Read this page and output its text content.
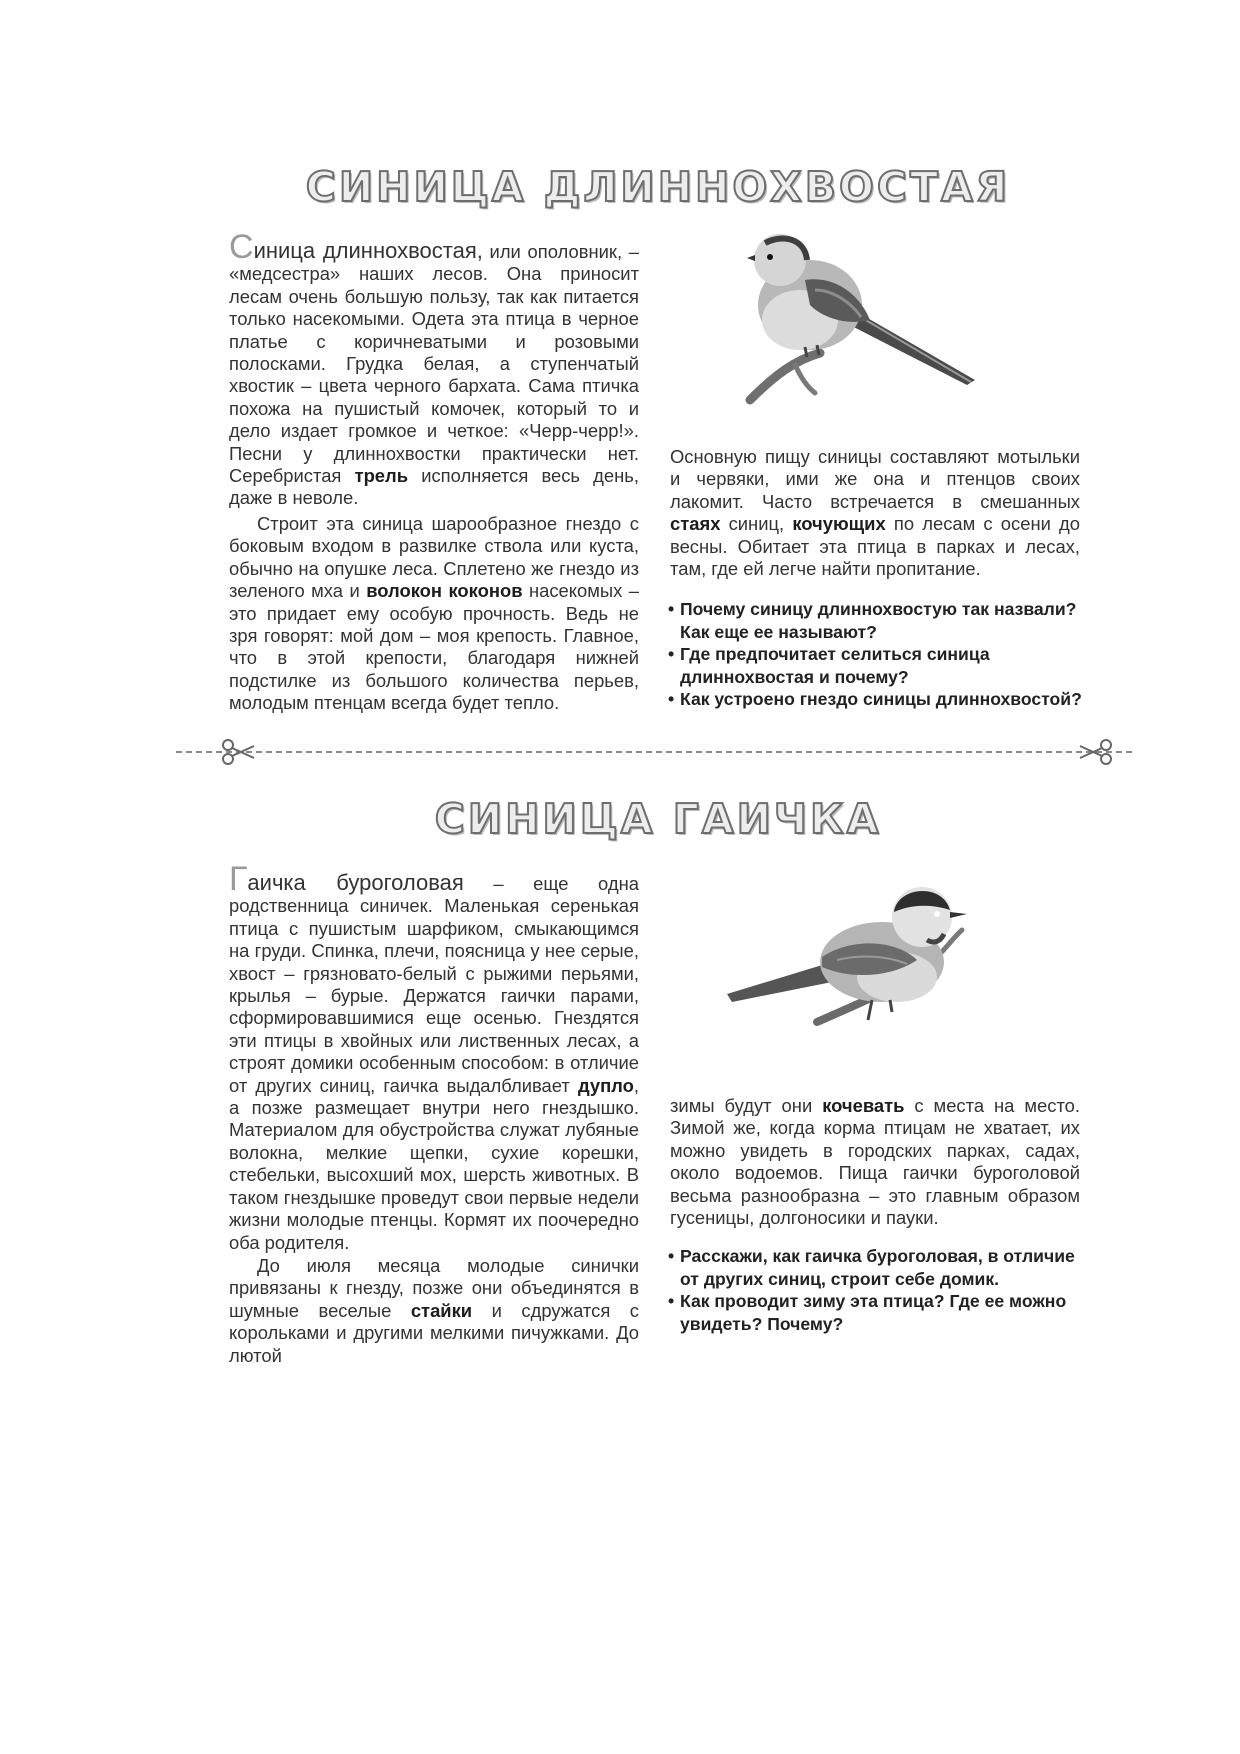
СИНИЦА ДЛИННОХВОСТАЯ

Синица длиннохвостая, или ополовник, – «медсестра» наших лесов. Она приносит лесам очень большую пользу, так как питается только насекомыми. Одета эта птица в черное платье с коричневатыми и розовыми полосками. Грудка белая, а ступенчатый хвостик – цвета черного бархата. Сама птичка похожа на пушистый комочек, который то и дело издает громкое и четкое: «Черр-черр!». Песни у длиннохвостки практически нет. Серебристая трель исполняется весь день, даже в неволе.

Строит эта синица шарообразное гнездо с боковым входом в развилке ствола или куста, обычно на опушке леса. Сплетено же гнездо из зеленого мха и волокон коконов насекомых – это придает ему особую прочность. Ведь не зря говорят: мой дом – моя крепость. Главное, что в этой крепости, благодаря нижней подстилке из большого количества перьев, молодым птенцам всегда будет тепло.

Основную пищу синицы составляют мотыльки и червяки, ими же она и птенцов своих лакомит. Часто встречается в смешанных стаях синиц, кочующих по лесам с осени до весны. Обитает эта птица в парках и лесах, там, где ей легче найти пропитание.

• Почему синицу длиннохвостую так назвали? Как еще ее называют?
• Где предпочитает селиться синица длиннохвостая и почему?
• Как устроено гнездо синицы длиннохвостой?
СИНИЦА ГАИЧКА

Гаичка буроголовая – еще одна родственница синичек. Маленькая серенькая птица с пушистым шарфиком, смыкающимся на груди. Спинка, плечи, поясница у нее серые, хвост – грязновато-белый с рыжими перьями, крылья – бурые. Держатся гаички парами, сформировавшимися еще осенью. Гнездятся эти птицы в хвойных или лиственных лесах, а строят домики особенным способом: в отличие от других синиц, гаичка выдалбливает дупло, а позже размещает внутри него гнездышко. Материалом для обустройства служат лубяные волокна, мелкие щепки, сухие корешки, стебельки, высохший мох, шерсть животных. В таком гнездышке проведут свои первые недели жизни молодые птенцы. Кормят их поочередно оба родителя.

До июля месяца молодые синички привязаны к гнезду, позже они объединятся в шумные веселые стайки и сдружатся с корольками и другими мелкими пичужками. До лютой

зимы будут они кочевать с места на место. Зимой же, когда корма птицам не хватает, их можно увидеть в городских парках, садах, около водоемов. Пища гаички буроголовой весьма разнообразна – это главным образом гусеницы, долгоносики и пауки.

• Расскажи, как гаичка буроголовая, в отличие от других синиц, строит себе домик.
• Как проводит зиму эта птица? Где ее можно увидеть? Почему?
